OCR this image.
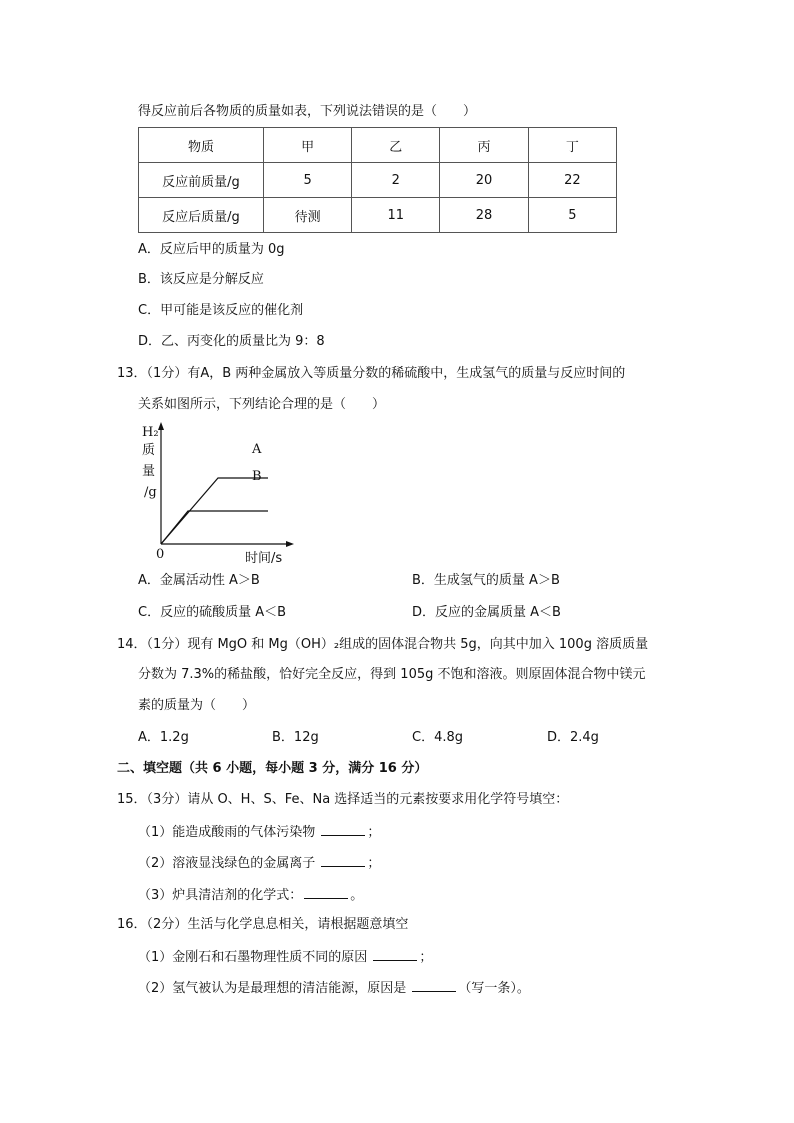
得反应前后各物质的质量如表，下列说法错误的是（　　）
物质	甲	乙	丙	丁
反应前质量/g	5	2	20	22
反应后质量/g	待测	11	28	5
A．反应后甲的质量为 0g
B．该反应是分解反应
C．甲可能是该反应的催化剂
D．乙、丙变化的质量比为 9：8
13．（1分）有A，B 两种金属放入等质量分数的稀硫酸中，生成氢气的质量与反应时间的
关系如图所示，下列结论合理的是（　　）
H₂
质
量
/g
A
B
0	时间/s
A．金属活动性 A＞B	B．生成氢气的质量 A＞B
C．反应的硫酸质量 A＜B	D．反应的金属质量 A＜B
14．（1分）现有 MgO 和 Mg（OH）₂组成的固体混合物共 5g，向其中加入 100g 溶质质量
分数为 7.3%的稀盐酸，恰好完全反应，得到 105g 不饱和溶液。则原固体混合物中镁元
素的质量为（　　）
A．1.2g	B．12g	C．4.8g	D．2.4g
二、填空题（共 6 小题，每小题 3 分，满分 16 分）
15．（3分）请从 O、H、S、Fe、Na 选择适当的元素按要求用化学符号填空：
（1）能造成酸雨的气体污染物	；
（2）溶液显浅绿色的金属离子	；
（3）炉具清洁剂的化学式：	。
16．（2分）生活与化学息息相关，请根据题意填空
（1）金刚石和石墨物理性质不同的原因	；
（2）氢气被认为是最理想的清洁能源，原因是	（写一条）。
